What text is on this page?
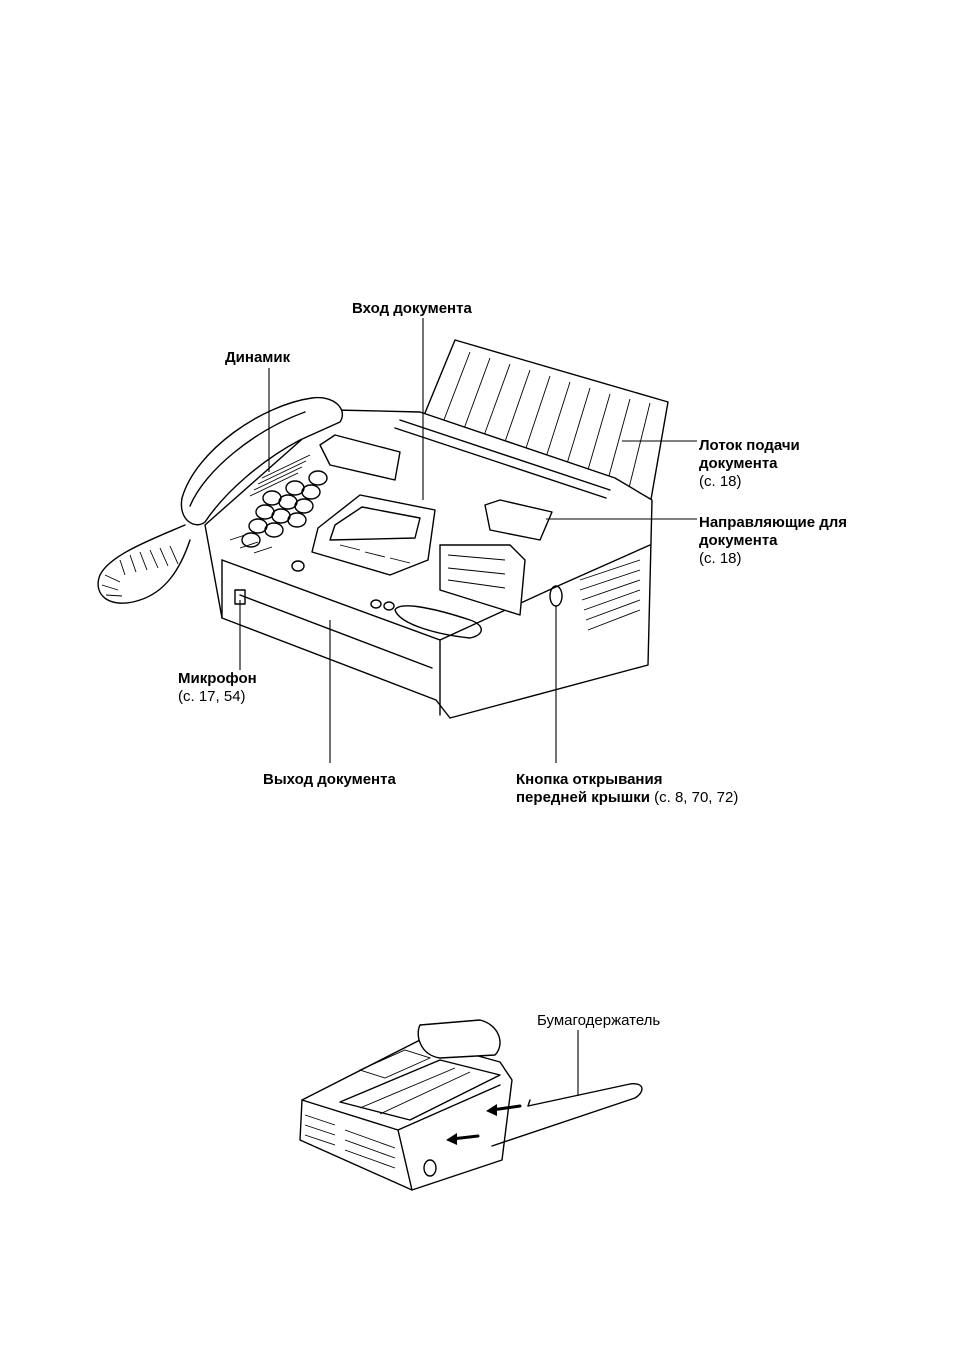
Вход документа
Динамик
Лоток подачи
документа
(с. 18)
Направляющие для
документа
(с. 18)
Микрофон
(с. 17, 54)
Выход документа	Кнопка открывания
передней крышки (с. 8, 70, 72)
Бумагодержатель
